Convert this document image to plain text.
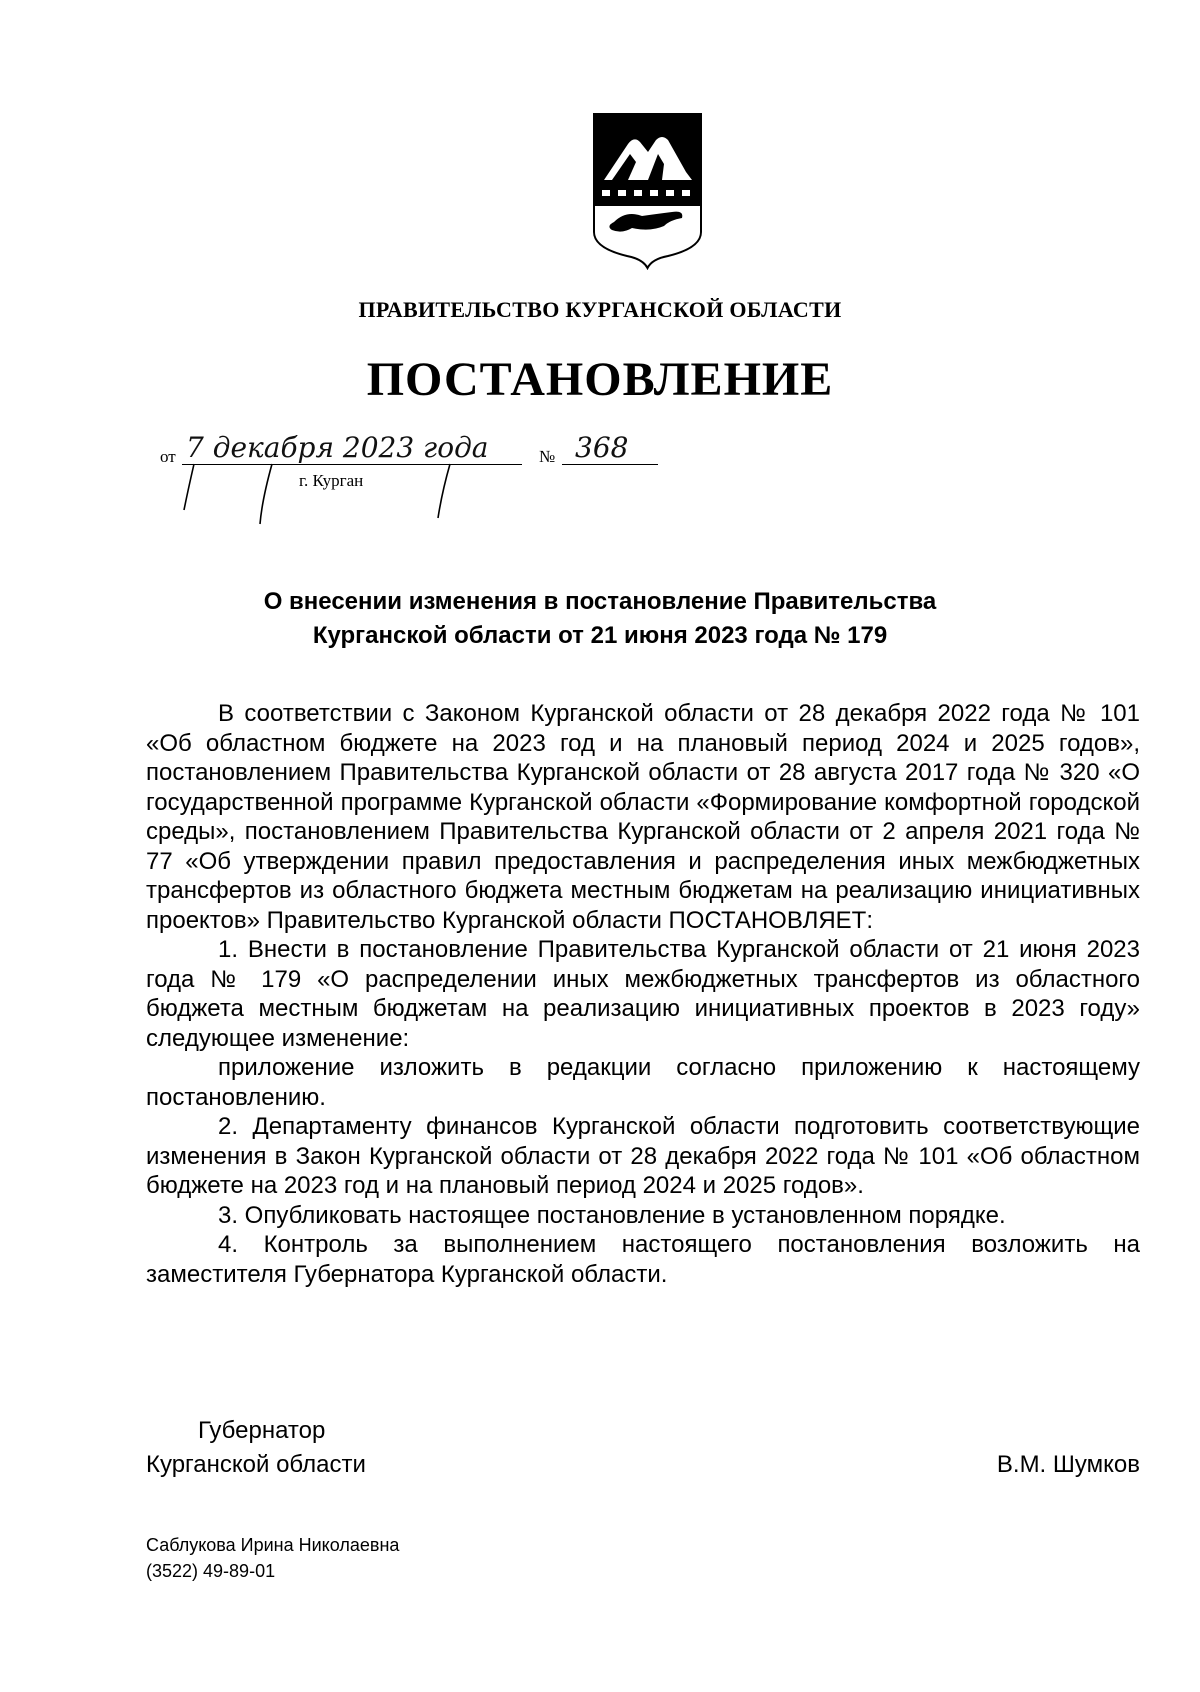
ПРАВИТЕЛЬСТВО КУРГАНСКОЙ ОБЛАСТИ
ПОСТАНОВЛЕНИЕ
от 7 декабря 2023 года	№ 368
г. Курган
О внесении изменения в постановление Правительства
Курганской области от 21 июня 2023 года № 179

В соответствии с Законом Курганской области от 28 декабря 2022 года № 101 «Об областном бюджете на 2023 год и на плановый период 2024 и 2025 годов», постановлением Правительства Курганской области от 28 августа 2017 года № 320 «О государственной программе Курганской области «Формирование комфортной городской среды», постановлением Правительства Курганской области от 2 апреля 2021 года № 77 «Об утверждении правил предоставления и распределения иных межбюджетных трансфертов из областного бюджета местным бюджетам на реализацию инициативных проектов» Правительство Курганской области ПОСТАНОВЛЯЕТ:

1. Внести в постановление Правительства Курганской области от 21 июня 2023 года № 179 «О распределении иных межбюджетных трансфертов из областного бюджета местным бюджетам на реализацию инициативных проектов в 2023 году» следующее изменение:

приложение изложить в редакции согласно приложению к настоящему постановлению.

2. Департаменту финансов Курганской области подготовить соответствующие изменения в Закон Курганской области от 28 декабря 2022 года № 101 «Об областном бюджете на 2023 год и на плановый период 2024 и 2025 годов».

3. Опубликовать настоящее постановление в установленном порядке.

4. Контроль за выполнением настоящего постановления возложить на заместителя Губернатора Курганской области.

Губернатор
Курганской области	В.М. Шумков
Саблукова Ирина Николаевна
(3522) 49-89-01
